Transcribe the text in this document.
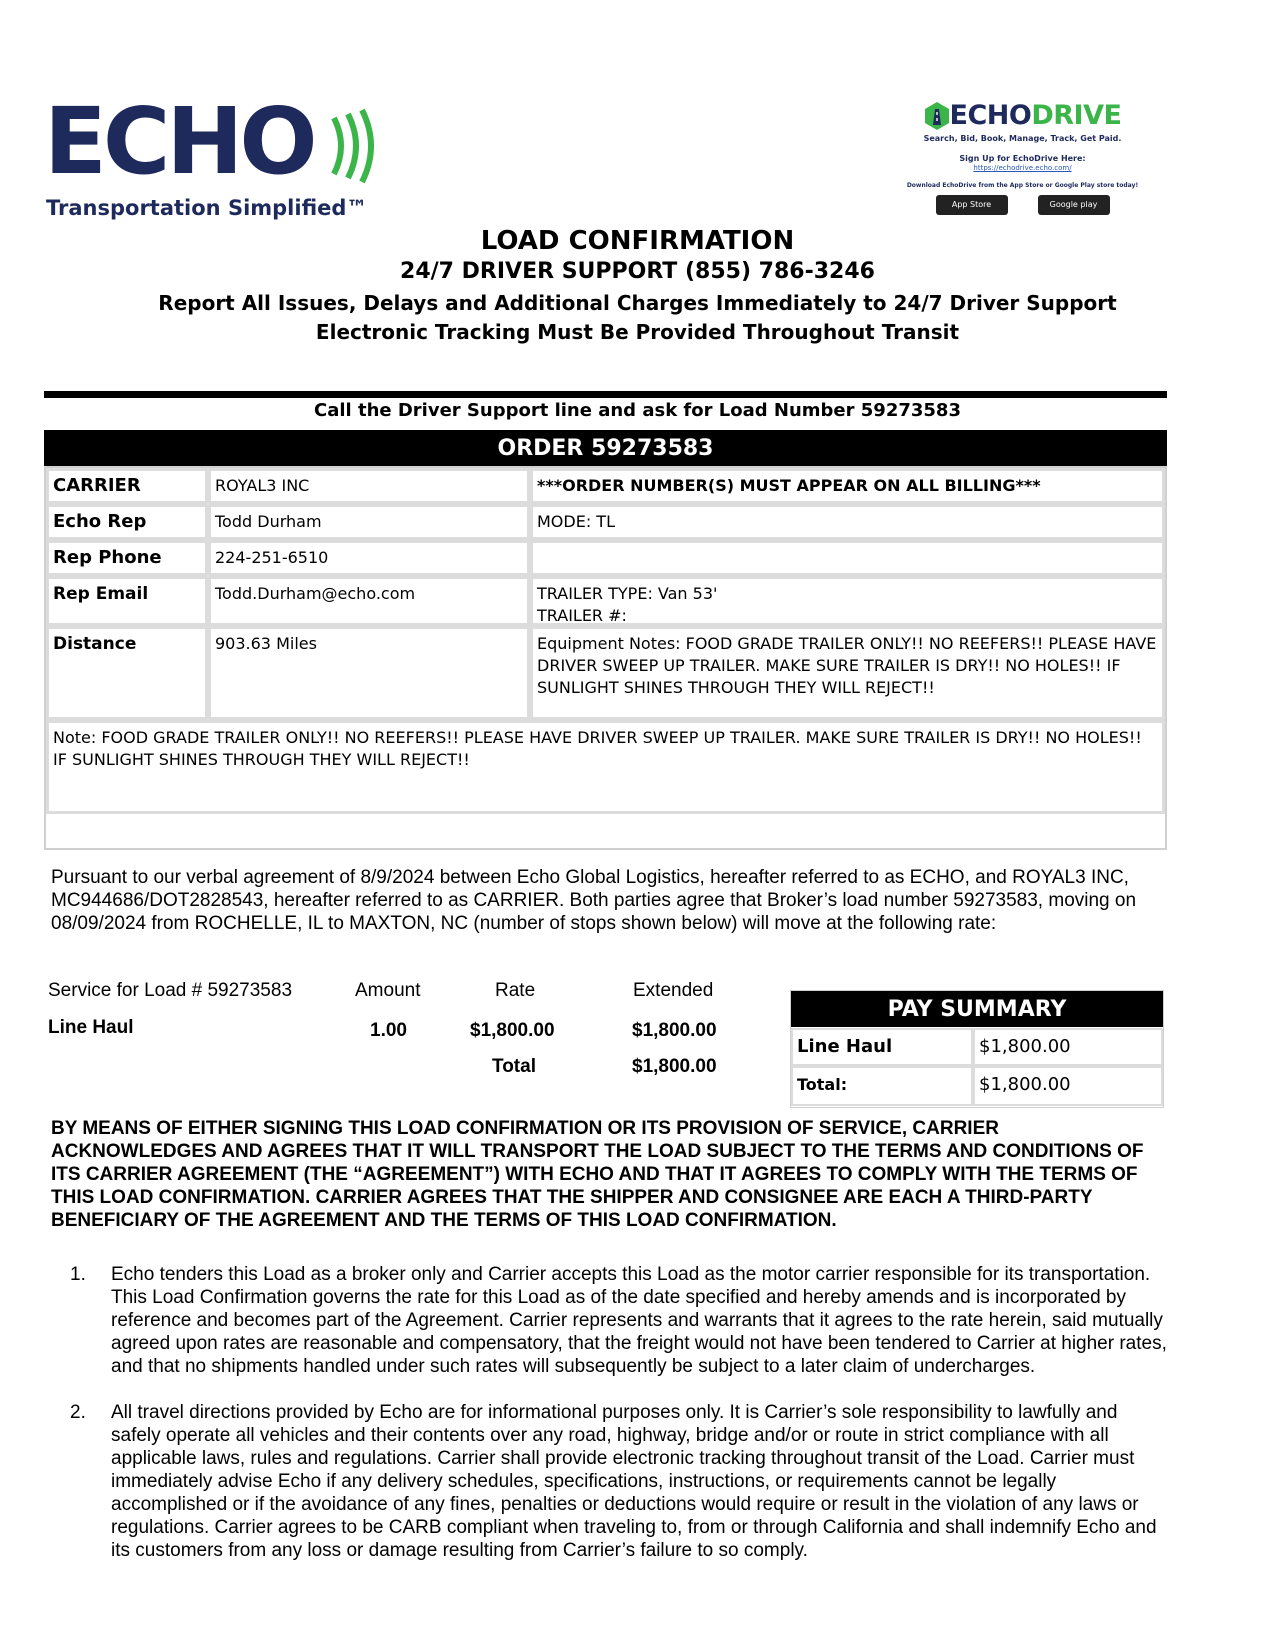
ECHO
Transportation Simplified™
ECHO DRIVE
Search, Bid, Book, Manage, Track, Get Paid.
Sign Up for EchoDrive Here:
https://echodrive.echo.com/
Download EchoDrive from the App Store or Google Play store today!
App Store	Google play
LOAD CONFIRMATION
24/7 DRIVER SUPPORT (855) 786-3246
Report All Issues, Delays and Additional Charges Immediately to 24/7 Driver Support
Electronic Tracking Must Be Provided Throughout Transit
Call the Driver Support line and ask for Load Number 59273583
ORDER 59273583
CARRIER	ROYAL3 INC	***ORDER NUMBER(S) MUST APPEAR ON ALL BILLING***
Echo Rep	Todd Durham	MODE: TL
Rep Phone	224-251-6510
Rep Email	Todd.Durham@echo.com	TRAILER TYPE: Van 53'
TRAILER #:
Distance	903.63 Miles	Equipment Notes: FOOD GRADE TRAILER ONLY!! NO REEFERS!! PLEASE HAVE DRIVER SWEEP UP TRAILER. MAKE SURE TRAILER IS DRY!! NO HOLES!! IF SUNLIGHT SHINES THROUGH THEY WILL REJECT!!
Note: FOOD GRADE TRAILER ONLY!! NO REEFERS!! PLEASE HAVE DRIVER SWEEP UP TRAILER. MAKE SURE TRAILER IS DRY!! NO HOLES!! IF SUNLIGHT SHINES THROUGH THEY WILL REJECT!!
Pursuant to our verbal agreement of 8/9/2024 between Echo Global Logistics, hereafter referred to as ECHO, and ROYAL3 INC, MC944686/DOT2828543, hereafter referred to as CARRIER. Both parties agree that Broker’s load number 59273583, moving on 08/09/2024 from ROCHELLE, IL to MAXTON, NC (number of stops shown below) will move at the following rate:
Service for Load # 59273583	Amount	Rate	Extended
Line Haul	1.00	$1,800.00	$1,800.00
Total	$1,800.00
PAY SUMMARY
Line Haul	$1,800.00
Total:	$1,800.00
BY MEANS OF EITHER SIGNING THIS LOAD CONFIRMATION OR ITS PROVISION OF SERVICE, CARRIER ACKNOWLEDGES AND AGREES THAT IT WILL TRANSPORT THE LOAD SUBJECT TO THE TERMS AND CONDITIONS OF ITS CARRIER AGREEMENT (THE “AGREEMENT”) WITH ECHO AND THAT IT AGREES TO COMPLY WITH THE TERMS OF THIS LOAD CONFIRMATION. CARRIER AGREES THAT THE SHIPPER AND CONSIGNEE ARE EACH A THIRD-PARTY BENEFICIARY OF THE AGREEMENT AND THE TERMS OF THIS LOAD CONFIRMATION.
1. Echo tenders this Load as a broker only and Carrier accepts this Load as the motor carrier responsible for its transportation. This Load Confirmation governs the rate for this Load as of the date specified and hereby amends and is incorporated by reference and becomes part of the Agreement. Carrier represents and warrants that it agrees to the rate herein, said mutually agreed upon rates are reasonable and compensatory, that the freight would not have been tendered to Carrier at higher rates, and that no shipments handled under such rates will subsequently be subject to a later claim of undercharges.
2. All travel directions provided by Echo are for informational purposes only. It is Carrier’s sole responsibility to lawfully and safely operate all vehicles and their contents over any road, highway, bridge and/or or route in strict compliance with all applicable laws, rules and regulations. Carrier shall provide electronic tracking throughout transit of the Load. Carrier must immediately advise Echo if any delivery schedules, specifications, instructions, or requirements cannot be legally accomplished or if the avoidance of any fines, penalties or deductions would require or result in the violation of any laws or regulations. Carrier agrees to be CARB compliant when traveling to, from or through California and shall indemnify Echo and its customers from any loss or damage resulting from Carrier’s failure to so comply.
